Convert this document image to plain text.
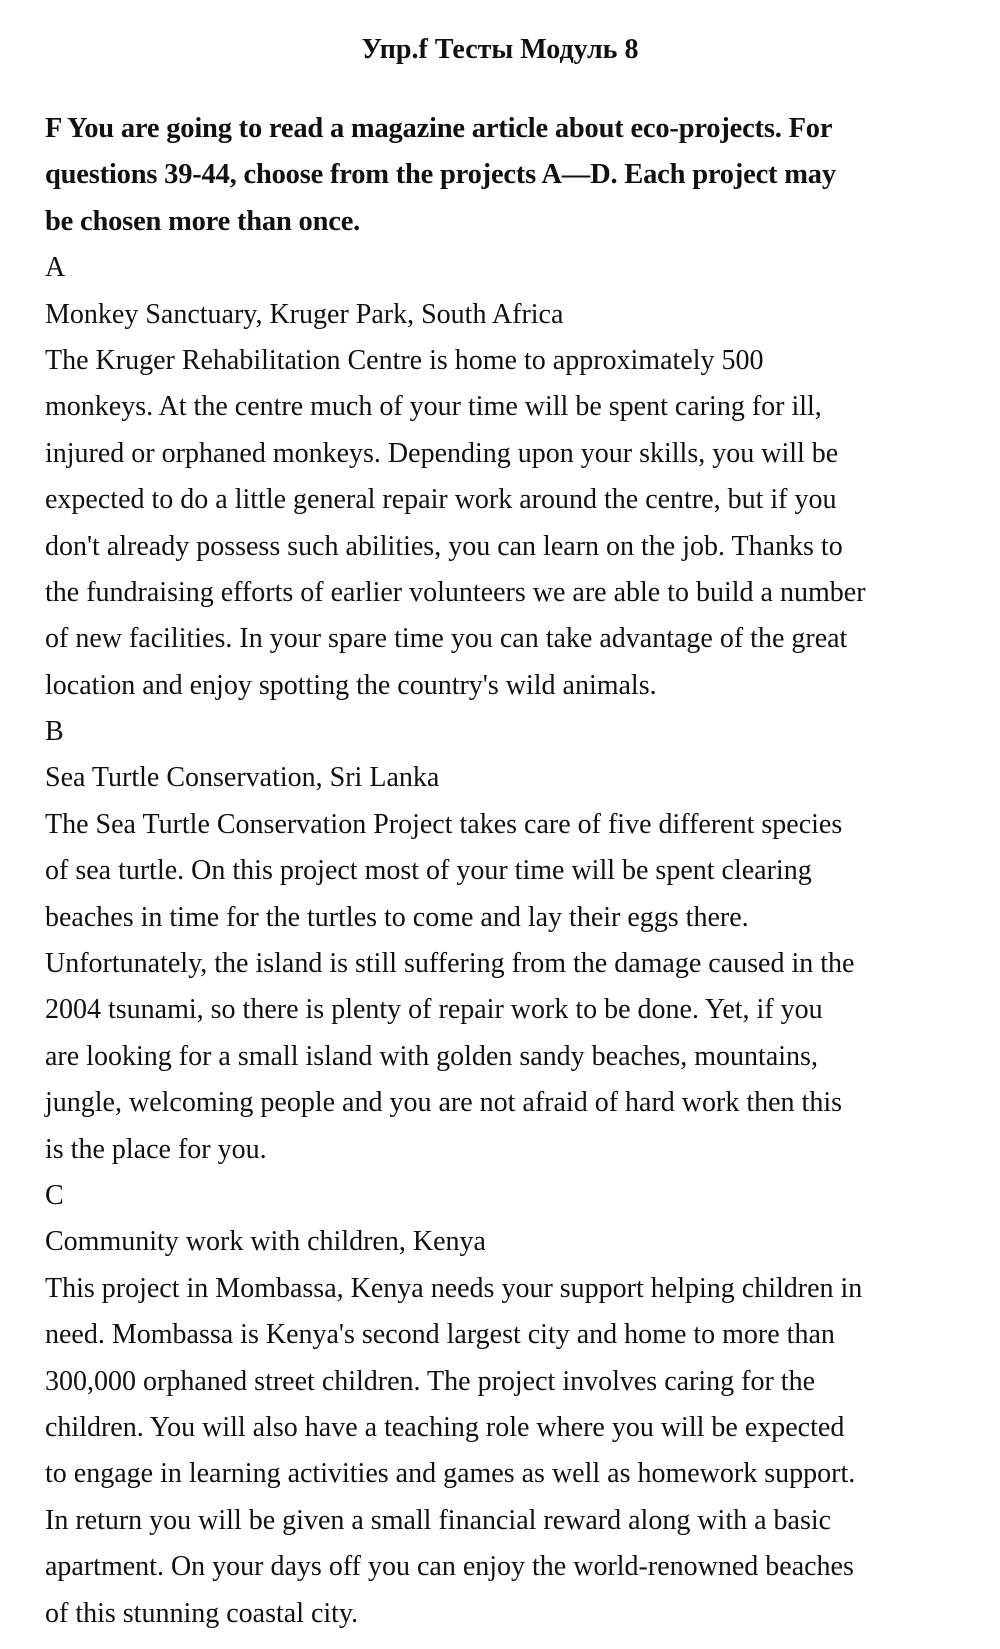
Упр.f Тесты Модуль 8
F You are going to read a magazine article about eco-projects. For
questions 39-44, choose from the projects A—D. Each project may
be chosen more than once.
A
Monkey Sanctuary, Kruger Park, South Africa
The Kruger Rehabilitation Centre is home to approximately 500
monkeys. At the centre much of your time will be spent caring for ill,
injured or orphaned monkeys. Depending upon your skills, you will be
expected to do a little general repair work around the centre, but if you
don't already possess such abilities, you can learn on the job. Thanks to
the fundraising efforts of earlier volunteers we are able to build a number
of new facilities. In your spare time you can take advantage of the great
location and enjoy spotting the country's wild animals.
B
Sea Turtle Conservation, Sri Lanka
The Sea Turtle Conservation Project takes care of five different species
of sea turtle. On this project most of your time will be spent clearing
beaches in time for the turtles to come and lay their eggs there.
Unfortunately, the island is still suffering from the damage caused in the
2004 tsunami, so there is plenty of repair work to be done. Yet, if you
are looking for a small island with golden sandy beaches, mountains,
jungle, welcoming people and you are not afraid of hard work then this
is the place for you.
C
Community work with children, Kenya
This project in Mombassa, Kenya needs your support helping children in
need. Mombassa is Kenya's second largest city and home to more than
300,000 orphaned street children. The project involves caring for the
children. You will also have a teaching role where you will be expected
to engage in learning activities and games as well as homework support.
In return you will be given a small financial reward along with a basic
apartment. On your days off you can enjoy the world-renowned beaches
of this stunning coastal city.
